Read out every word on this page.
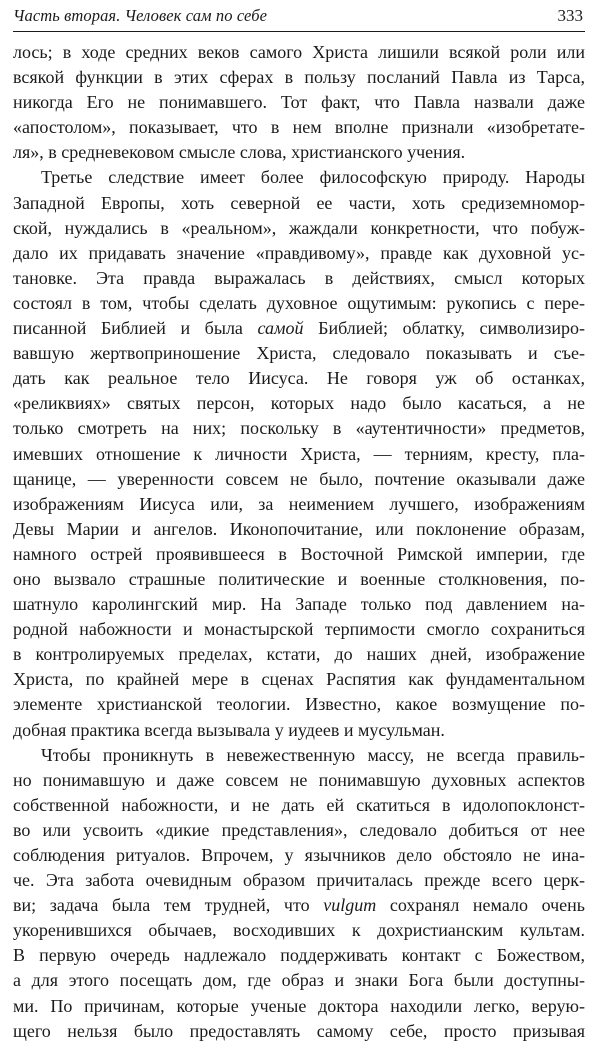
Часть вторая. Человек сам по себе	333
лось; в ходе средних веков самого Христа лишили всякой роли или
всякой функции в этих сферах в пользу посланий Павла из Тарса,
никогда Его не понимавшего. Тот факт, что Павла назвали даже
«апостолом», показывает, что в нем вполне признали «изобретате-
ля», в средневековом смысле слова, христианского учения.
Третье следствие имеет более философскую природу. Народы
Западной Европы, хоть северной ее части, хоть средиземномор-
ской, нуждались в «реальном», жаждали конкретности, что побуж-
дало их придавать значение «правдивому», правде как духовной ус-
тановке. Эта правда выражалась в действиях, смысл которых
состоял в том, чтобы сделать духовное ощутимым: рукопись с пере-
писанной Библией и была самой Библией; облатку, символизиро-
вавшую жертвоприношение Христа, следовало показывать и съе-
дать как реальное тело Иисуса. Не говоря уж об останках,
«реликвиях» святых персон, которых надо было касаться, а не
только смотреть на них; поскольку в «аутентичности» предметов,
имевших отношение к личности Христа, — терниям, кресту, пла-
щанице, — уверенности совсем не было, почтение оказывали даже
изображениям Иисуса или, за неимением лучшего, изображениям
Девы Марии и ангелов. Иконопочитание, или поклонение образам,
намного острей проявившееся в Восточной Римской империи, где
оно вызвало страшные политические и военные столкновения, по-
шатнуло каролингский мир. На Западе только под давлением на-
родной набожности и монастырской терпимости смогло сохраниться
в контролируемых пределах, кстати, до наших дней, изображение
Христа, по крайней мере в сценах Распятия как фундаментальном
элементе христианской теологии. Известно, какое возмущение по-
добная практика всегда вызывала у иудеев и мусульман.
Чтобы проникнуть в невежественную массу, не всегда правиль-
но понимавшую и даже совсем не понимавшую духовных аспектов
собственной набожности, и не дать ей скатиться в идолопоклонст-
во или усвоить «дикие представления», следовало добиться от нее
соблюдения ритуалов. Впрочем, у язычников дело обстояло не ина-
че. Эта забота очевидным образом причиталась прежде всего церк-
ви; задача была тем трудней, что vulgum сохранял немало очень
укоренившихся обычаев, восходивших к дохристианским культам.
В первую очередь надлежало поддерживать контакт с Божеством,
а для этого посещать дом, где образ и знаки Бога были доступны-
ми. По причинам, которые ученые доктора находили легко, верую-
щего нельзя было предоставлять самому себе, просто призывая
